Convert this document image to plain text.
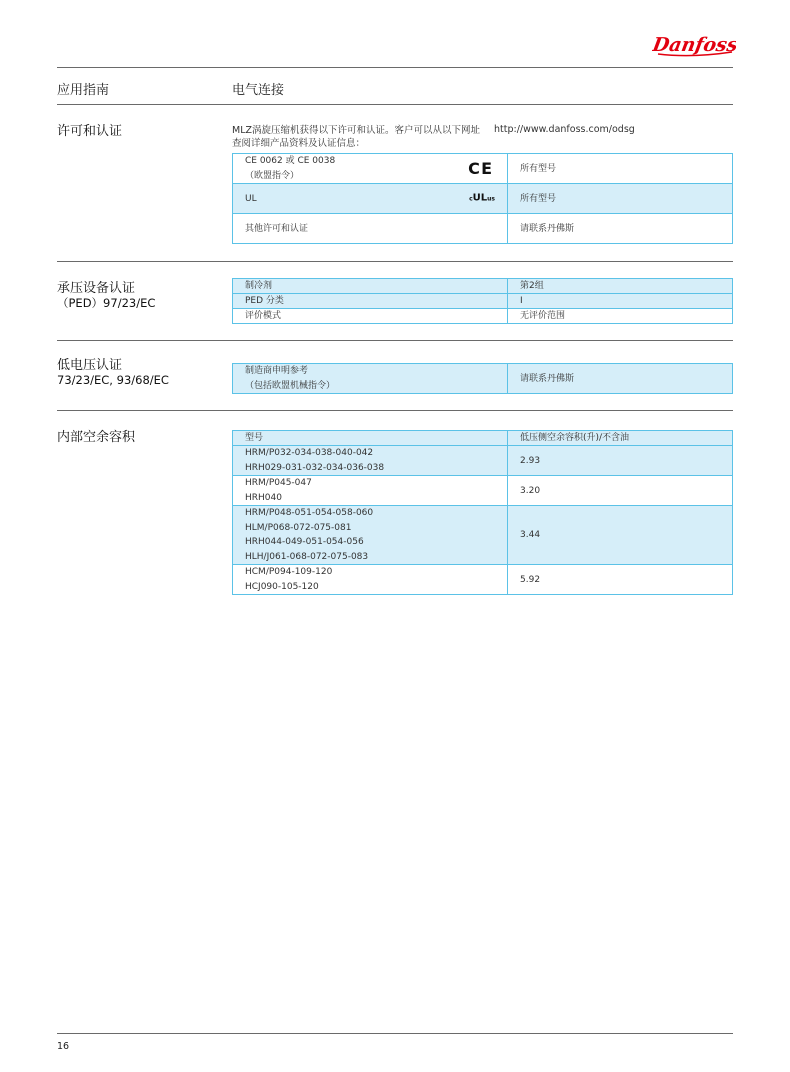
Danfoss
应用指南	电气连接
许可和认证	MLZ涡旋压缩机获得以下许可和认证。客户可以从以下网址查阅详细产品资料及认证信息：
http://www.danfoss.com/odsg
CE 0062 或 CE 0038
（欧盟指令） C E	所有型号
UL cULus	所有型号
其他许可和认证	请联系丹佛斯
承压设备认证
（PED）97/23/EC
制冷剂	第2组
PED 分类	I
评价模式	无评价范围
低电压认证
73/23/EC, 93/68/EC
制造商申明参考
（包括欧盟机械指令）
	请联系丹佛斯
内部空余容积	型号	低压侧空余容积(升)/不含油

HRM/P032-034-038-040-042
HRH029-031-032-034-036-038	2.93

HRM/P045-047
HRH040	3.20

HRM/P048-051-054-058-060
HLM/P068-072-075-081
HRH044-049-051-054-056
HLH/J061-068-072-075-083	3.44

HCM/P094-109-120
HCJ090-105-120	5.92
16
